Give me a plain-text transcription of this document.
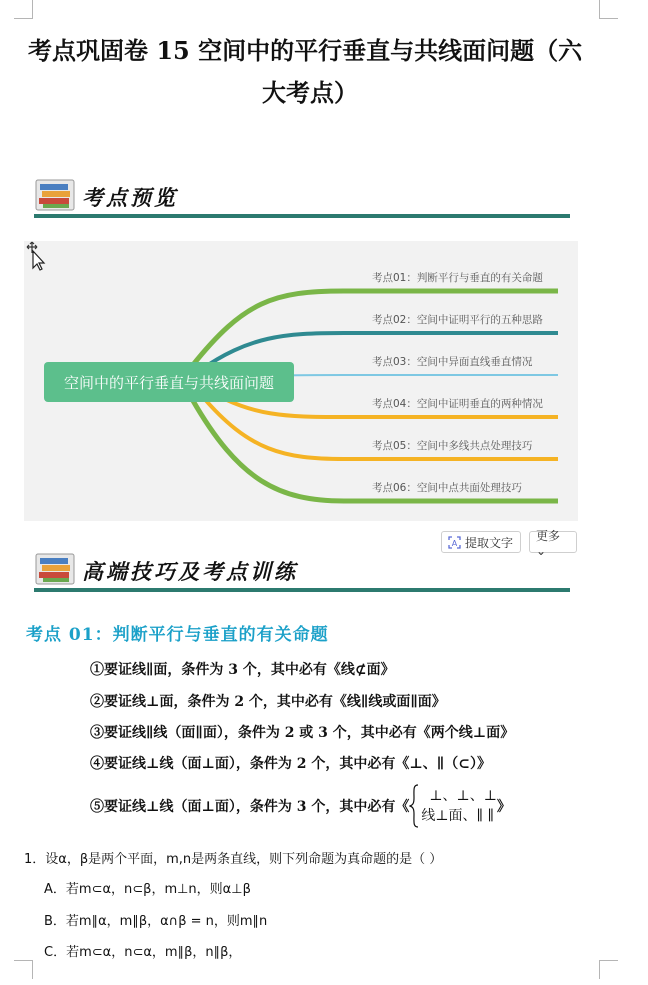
考点巩固卷 15 空间中的平行垂直与共线面问题（六
大考点）
考点预览
空间中的平行垂直与共线面问题
考点01：判断平行与垂直的有关命题
考点02：空间中证明平行的五种思路
考点03：空间中异面直线垂直情况
考点04：空间中证明垂直的两种情况
考点05：空间中多线共点处理技巧
考点06：空间中点共面处理技巧
A 提取文字 更多 ⌄
高端技巧及考点训练
考点 01：判断平行与垂直的有关命题
①要证线∥面，条件为 3 个，其中必有《线⊄面》
②要证线⊥面，条件为 2 个，其中必有《线∥线或面∥面》
③要证线∥线（面∥面），条件为 2 或 3 个，其中必有《两个线⊥面》
④要证线⊥线（面⊥面），条件为 2 个，其中必有《⊥、∥（⊂）》
⑤要证线⊥线（面⊥面），条件为 3 个，其中必有《
⊥、⊥、⊥
线⊥面、∥ ∥
》
1．设α，β是两个平面，m,n是两条直线，则下列命题为真命题的是（ ）
A．若m⊂α，n⊂β，m⊥n，则α⊥β
B．若m∥α，m∥β，α∩β = n，则m∥n
C．若m⊂α，n⊂α，m∥β，n∥β，
